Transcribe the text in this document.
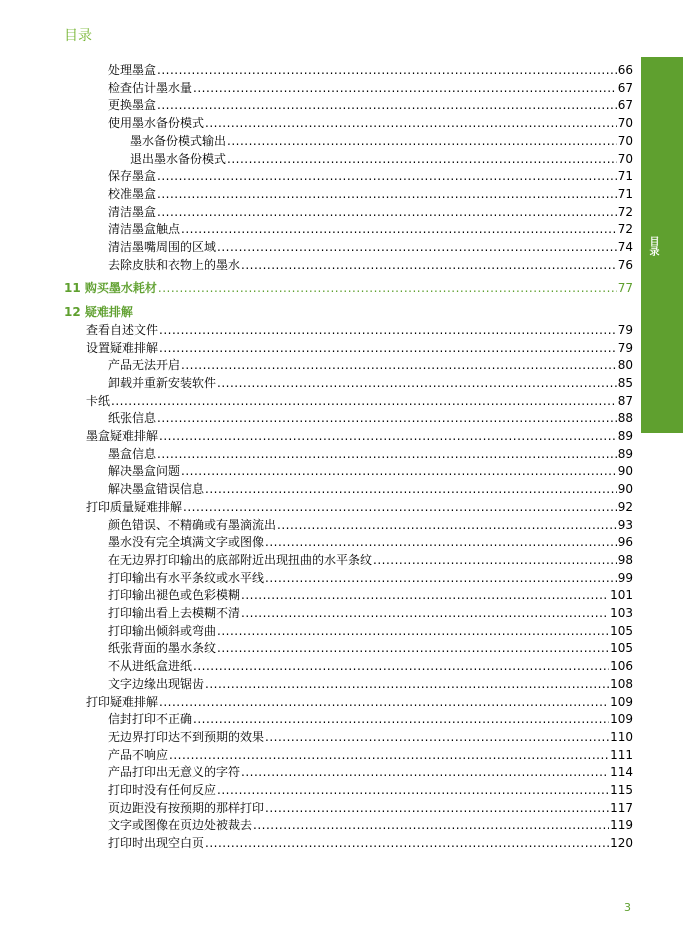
目录
目录
处理墨盒 .....	66
检查估计墨水量 .....	67
更换墨盒 .....	67
使用墨水备份模式 .....	70
墨水备份模式输出 .....	70
退出墨水备份模式 .....	70
保存墨盒 .....	71
校准墨盒 .....	71
清洁墨盒 .....	72
清洁墨盒触点 .....	72
清洁墨嘴周围的区域 .....	74
去除皮肤和衣物上的墨水 .....	76
11 购买墨水耗材 .....	77
12 疑难排解
查看自述文件 .....	79
设置疑难排解 .....	79
产品无法开启 .....	80
卸载并重新安装软件 .....	85
卡纸 .....	87
纸张信息 .....	88
墨盒疑难排解 .....	89
墨盒信息 .....	89
解决墨盒问题 .....	90
解决墨盒错误信息 .....	90
打印质量疑难排解 .....	92
颜色错误、不精确或有墨滴流出 .....	93
墨水没有完全填满文字或图像 .....	96
在无边界打印输出的底部附近出现扭曲的水平条纹 .....	98
打印输出有水平条纹或水平线 .....	99
打印输出褪色或色彩模糊 .....	101
打印输出看上去模糊不清 .....	103
打印输出倾斜或弯曲 .....	105
纸张背面的墨水条纹 .....	105
不从进纸盒进纸 .....	106
文字边缘出现锯齿 .....	108
打印疑难排解 .....	109
信封打印不正确 .....	109
无边界打印达不到预期的效果 .....	110
产品不响应 .....	111
产品打印出无意义的字符 .....	114
打印时没有任何反应 .....	115
页边距没有按预期的那样打印 .....	117
文字或图像在页边处被裁去 .....	119
打印时出现空白页 .....	120
3
